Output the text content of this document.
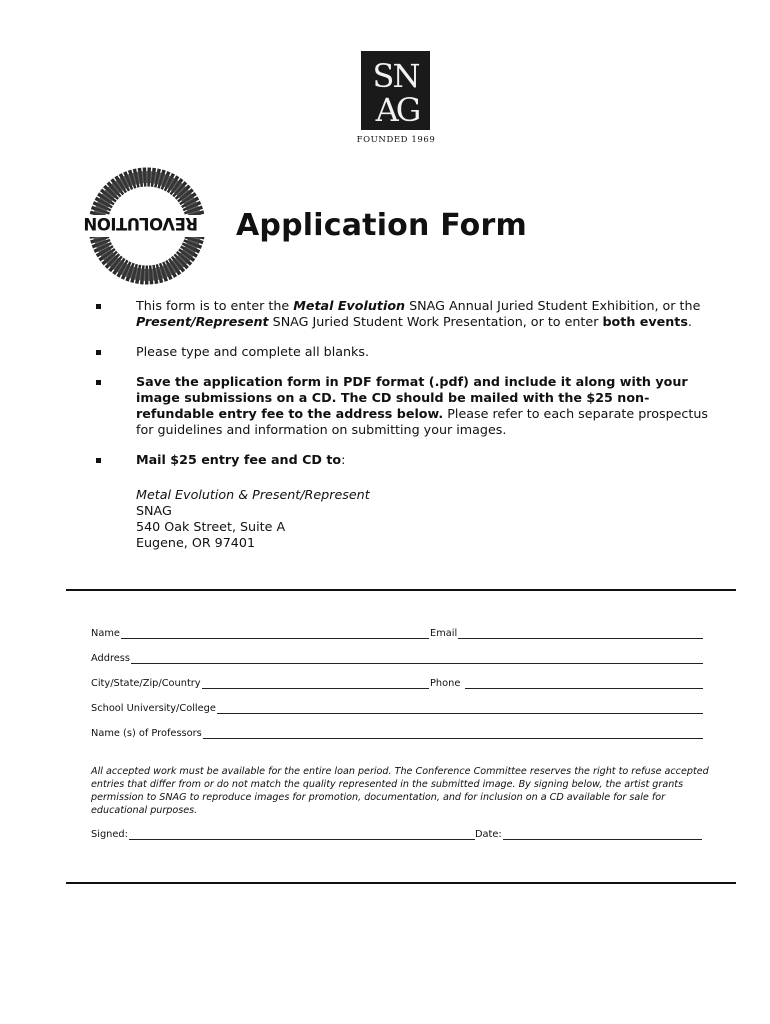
SN
AG
FOUNDED 1969
REVOLUTION Application Form
This form is to enter the Metal Evolution SNAG Annual Juried Student Exhibition, or the Present/Represent SNAG Juried Student Work Presentation, or to enter both events.
Please type and complete all blanks.
Save the application form in PDF format (.pdf) and include it along with your image submissions on a CD. The CD should be mailed with the $25 non-refundable entry fee to the address below. Please refer to each separate prospectus for guidelines and information on submitting your images.
Mail $25 entry fee and CD to:
Metal Evolution & Present/Represent
SNAG
540 Oak Street, Suite A
Eugene, OR 97401
Name	Email
Address
City/State/Zip/Country	Phone
School University/College
Name (s) of Professors

All accepted work must be available for the entire loan period. The Conference Committee reserves the right to refuse accepted entries that differ from or do not match the quality represented in the submitted image. By signing below, the artist grants permission to SNAG to reproduce images for promotion, documentation, and for inclusion on a CD available for sale for educational purposes.

Signed:	Date:
